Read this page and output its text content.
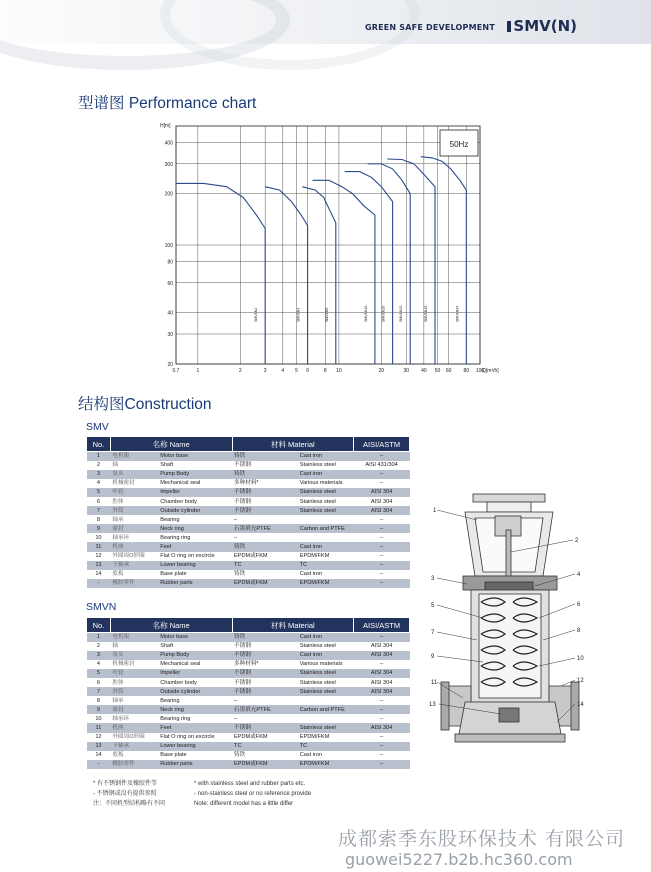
GREEN SAFE DEVELOPMENT SMV(N)
型谱图 Performance chart
0.7	1	2	3	4 5 6	8 10	20	30 40 50 60 80 100
20
30
40
60
80
100
200
300
400
H[m]
Q[m³/h]
50Hz
SMV1N2	SMV1N4	SMV1N5	SMV1N10	SMV1N20	SMV1N32	SMV1N45	SMV1N64
结构图Construction
SMV
No.	名称 Name		材料 Material		AISI/ASTM
1	电机架	Motor base	铸铁	Cast iron	–
2	轴	Shaft	不锈钢	Stainless steel	AISI 431/304
3	泵头	Pump Body	铸铁	Cast iron	–
4	机械密封	Mechanical seal	多种材料*	Various materials	–
5	叶轮	Impeller	不锈钢	Stainless steel	AISI 304
6	腔体	Chamber body	不锈钢	Stainless steel	AISI 304
7	外筒	Outside cylinder	不锈钢	Stainless steel	AISI 304
8	轴承	Bearing	–		–
9	密封	Neck ring	石墨填充PTFE	Carbon and PTFE	–
10	轴承环	Bearing ring	–		–
11	机座	Feet	铸铁	Cast iron	–
12	外圆周O形圈	Flat O ring on excircle	EPDM或FKM	EPDM/FKM	–
13	下轴承	Lower bearing	TC	TC	–
14	底板	Base plate	铸铁	Cast iron	–
-	橡胶零件	Rubber parts	EPDM或FKM	EPDM/FKM	–
SMVN
No.	名称 Name		材料 Material		AISI/ASTM
1	电机架	Motor base	铸铁	Cast iron	–
2	轴	Shaft	不锈钢	Stainless steel	AISI 304
3	泵头	Pump Body	不锈钢	Cast iron	AISI 304
4	机械密封	Mechanical seal	多种材料*	Various materials	–
5	叶轮	Impeller	不锈钢	Stainless steel	AISI 304
6	腔体	Chamber body	不锈钢	Stainless steel	AISI 304
7	外筒	Outside cylinder	不锈钢	Stainless steel	AISI 304
8	轴承	Bearing	–		–
9	密封	Neck ring	石墨填充PTFE	Carbon and PTFE	–
10	轴承环	Bearing ring	–		–
11	机座	Feet	不锈钢	Stainless steel	AISI 304
12	外圆周O形圈	Flat O ring on excircle	EPDM或FKM	EPDM/FKM	–
13	下轴承	Lower bearing	TC	TC	–
14	底板	Base plate	铸铁	Cast iron	–
-	橡胶零件	Rubber parts	EPDM或FKM	EPDM/FKM	–
* 有不锈钢件及橡胶件等
- 不锈钢或没有提供参照
注：不同机型结构略有不同
* with stainless steel and rubber parts etc.
- non-stainless steel or no reference provide
Note: different model has a little differ
1
2
3
4
5	6
7	8
9	10
11	12
13	14
成都索季东股环保技术 有限公司
guowei5227.b2b.hc360.com
